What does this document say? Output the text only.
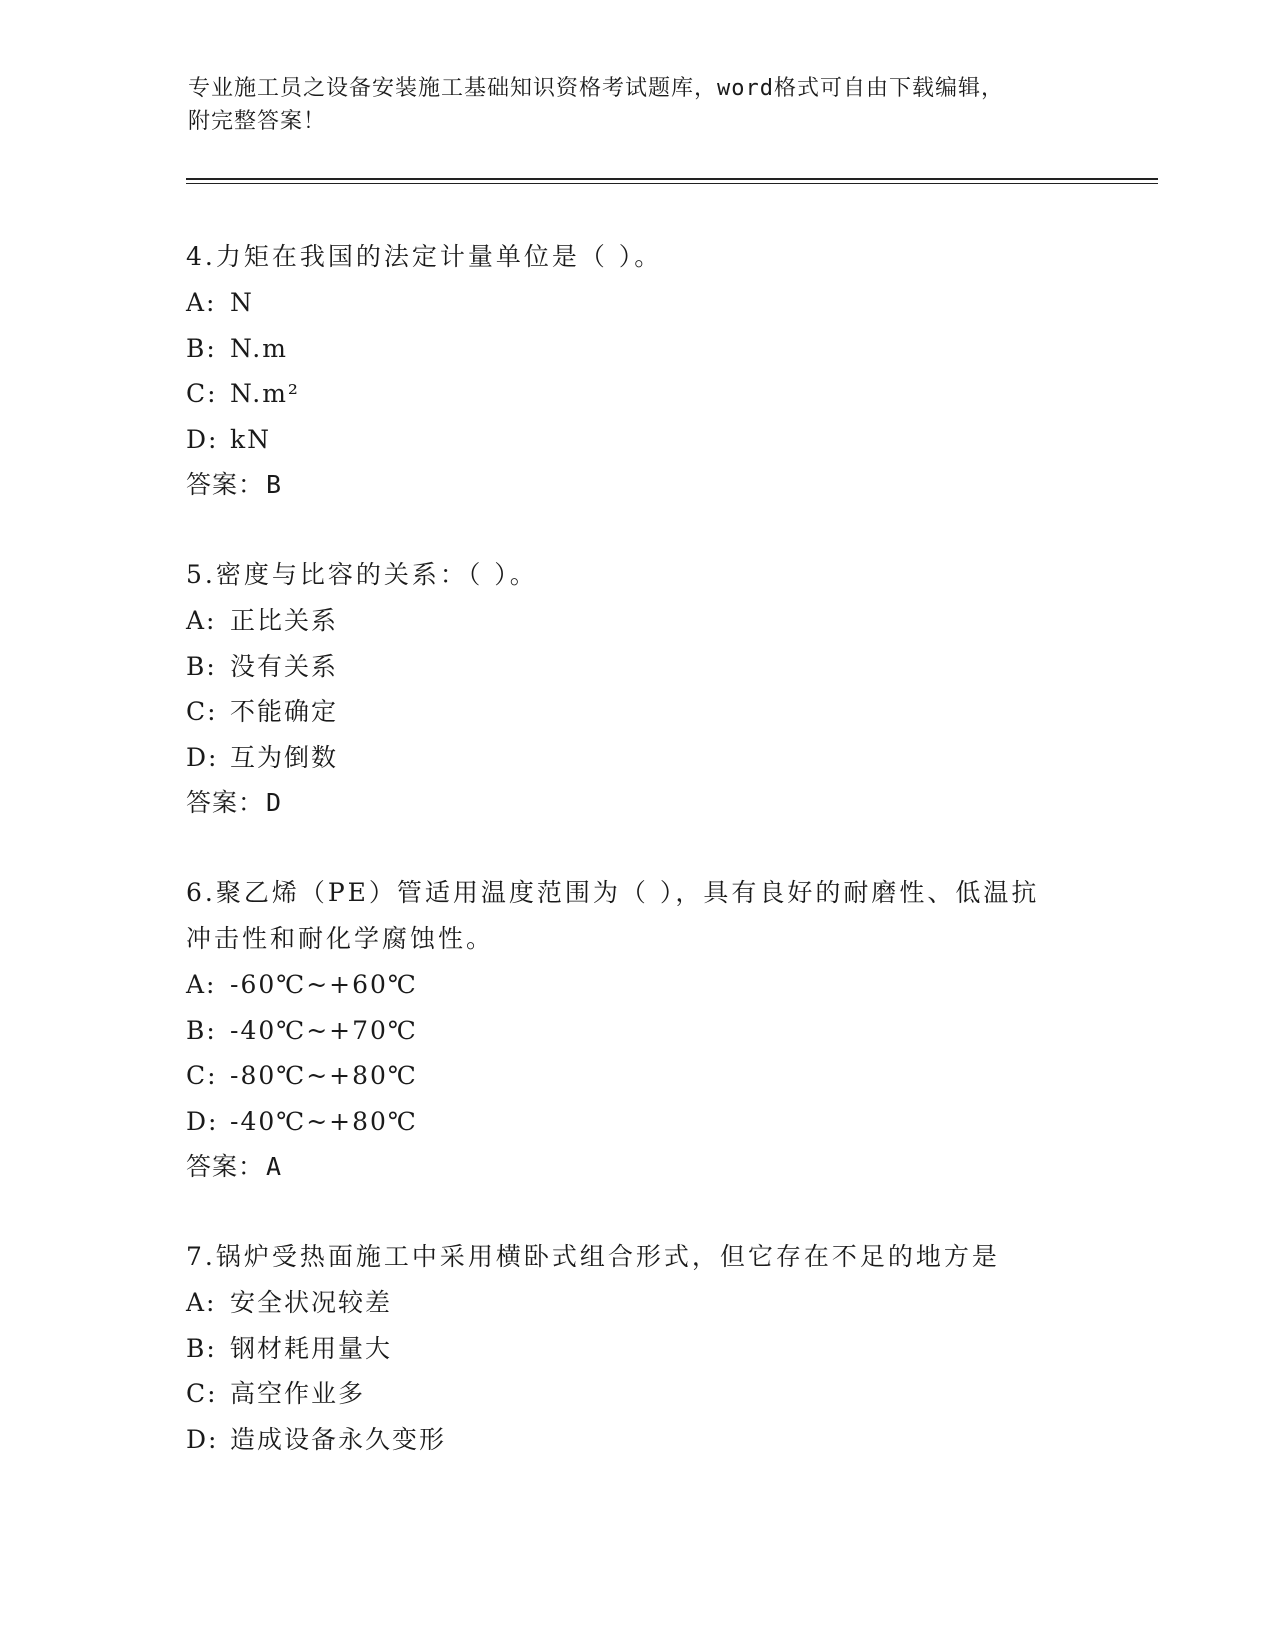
专业施工员之设备安装施工基础知识资格考试题库，word格式可自由下载编辑，
附完整答案！
4.力矩在我国的法定计量单位是（ ）。
A: N
B: N.m
C: N.m²
D: kN
答案：B
5.密度与比容的关系：（ ）。
A: 正比关系
B: 没有关系
C: 不能确定
D: 互为倒数
答案：D
6.聚乙烯（PE）管适用温度范围为（ ），具有良好的耐磨性、低温抗冲击性和耐化学腐蚀性。
A: -60℃~+60℃
B: -40℃~+70℃
C: -80℃~+80℃
D: -40℃~+80℃
答案：A
7.锅炉受热面施工中采用横卧式组合形式，但它存在不足的地方是
A: 安全状况较差
B: 钢材耗用量大
C: 高空作业多
D: 造成设备永久变形
